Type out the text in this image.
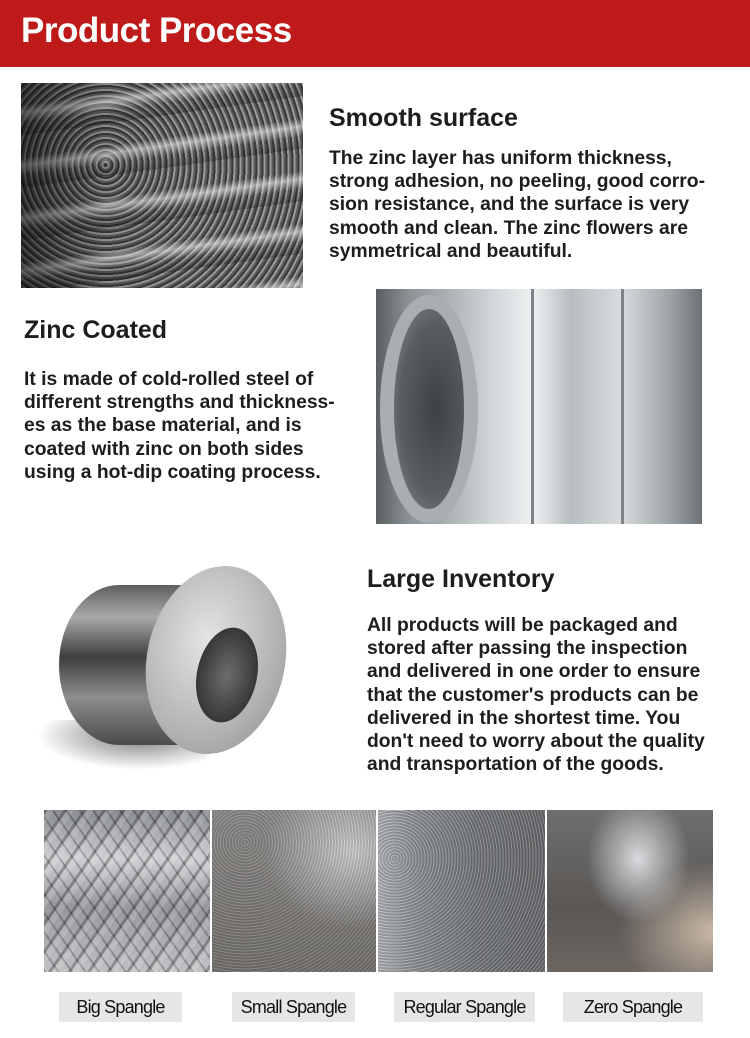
Product Process
Smooth surface
The zinc layer has uniform thickness,
strong adhesion, no peeling, good corro-
sion resistance, and the surface is very
smooth and clean. The zinc flowers are
symmetrical and beautiful.
Zinc Coated
It is made of cold-rolled steel of
different strengths and thickness-
es as the base material, and is
coated with zinc on both sides
using a hot-dip coating process.
Large Inventory
All products will be packaged and
stored after passing the inspection
and delivered in one order to ensure
that the customer's products can be
delivered in the shortest time. You
don't need to worry about the quality
and transportation of the goods.
Big Spangle	Small Spangle	Regular Spangle	Zero Spangle
